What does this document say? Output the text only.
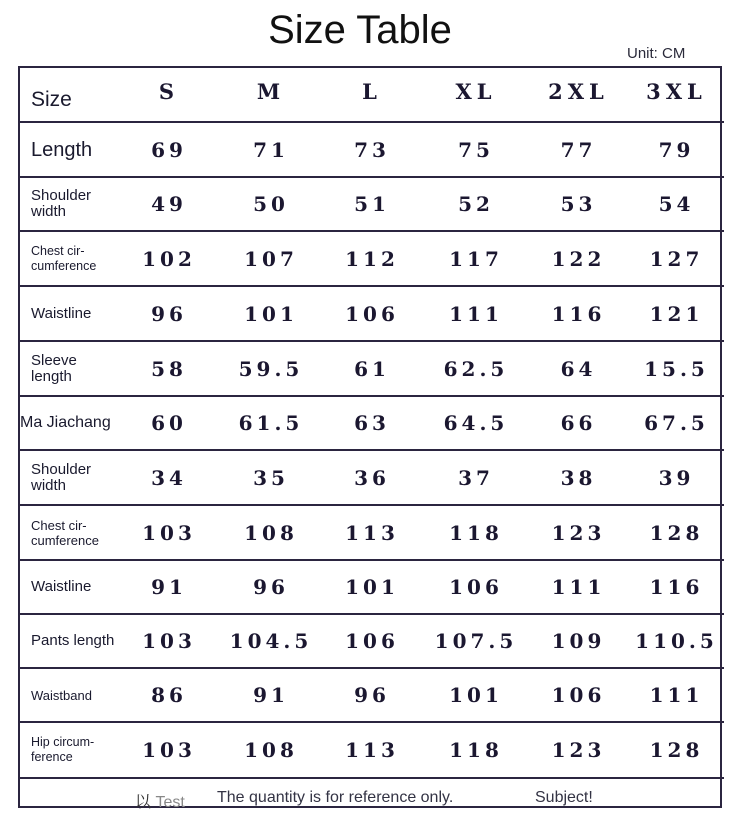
Size Table
Unit: CM
Size	S	M	L	XL	2XL	3XL
Length	69	71	73	75	77	79
Shoulder width	49	50	51	52	53	54
Chest cir-cumference	102	107	112	117	122	127
Waistline	96	101	106	111	116	121
Sleeve length	58	59.5	61	62.5	64	15.5
Ma Jiachang	60	61.5	63	64.5	66	67.5
Shoulder width	34	35	36	37	38	39
Chest cir-cumference	103	108	113	118	123	128
Waistline	91	96	101	106	111	116
Pants length	103	104.5	106	107.5	109	110.5
Waistband	86	91	96	101	106	111
Hip circum-ference	103	108	113	118	123	128

以 Test The quantity is for reference only. Subject!						
